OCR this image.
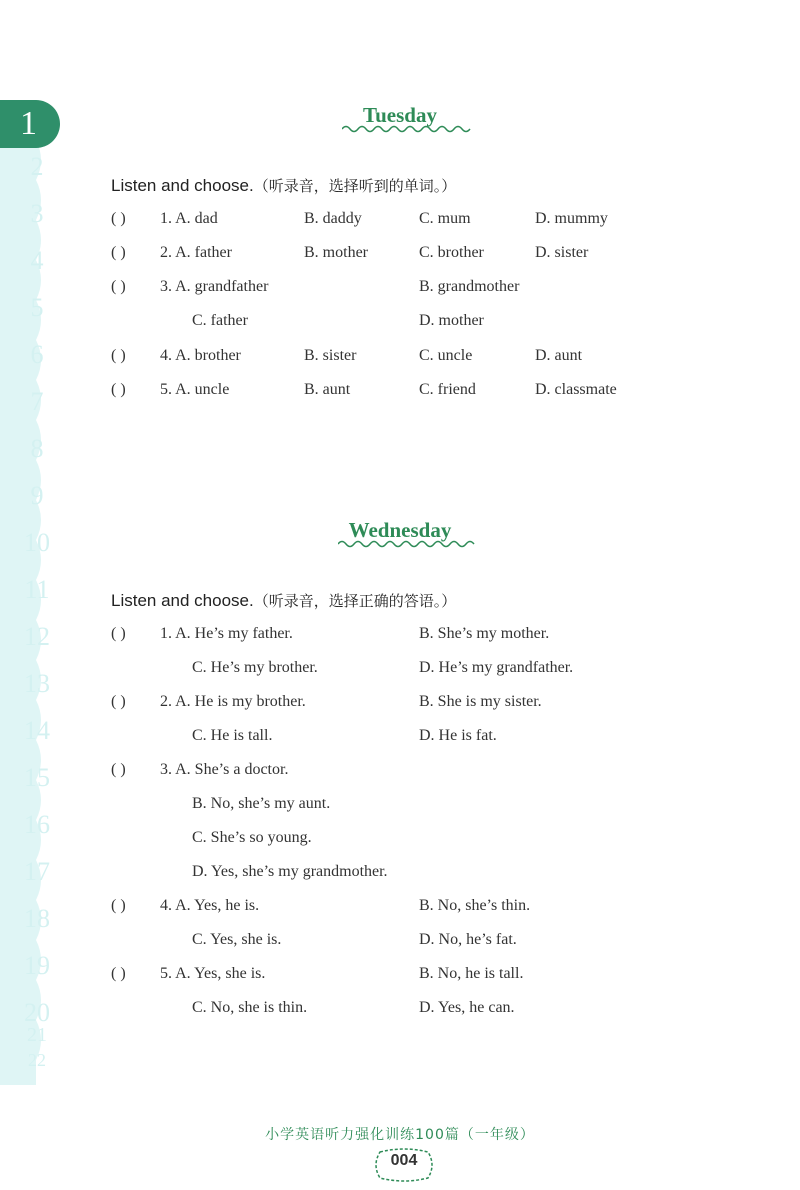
1
2
3
4
5
6
7
8
9
10
11
12
13
14
15
16
17
18
19
20
21
22
Tuesday
Listen and choose.（听录音，选择听到的单词。）
( ) 1. A. dad	B. daddy	C. mum	D. mummy
( ) 2. A. father	B. mother	C. brother	D. sister
( ) 3. A. grandfather	B. grandmother
C. father	D. mother
( ) 4. A. brother	B. sister	C. uncle	D. aunt
( ) 5. A. uncle	B. aunt	C. friend	D. classmate
Wednesday
Listen and choose.（听录音，选择正确的答语。）
( ) 1. A. He’s my father.	B. She’s my mother.
C. He’s my brother.	D. He’s my grandfather.
( ) 2. A. He is my brother.	B. She is my sister.
C. He is tall.	D. He is fat.
( ) 3. A. She’s a doctor.
B. No, she’s my aunt.
C. She’s so young.
D. Yes, she’s my grandmother.
( ) 4. A. Yes, he is.	B. No, she’s thin.
C. Yes, she is.	D. No, he’s fat.
( ) 5. A. Yes, she is.	B. No, he is tall.
C. No, she is thin.	D. Yes, he can.
小学英语听力强化训练100篇（一年级）
004
